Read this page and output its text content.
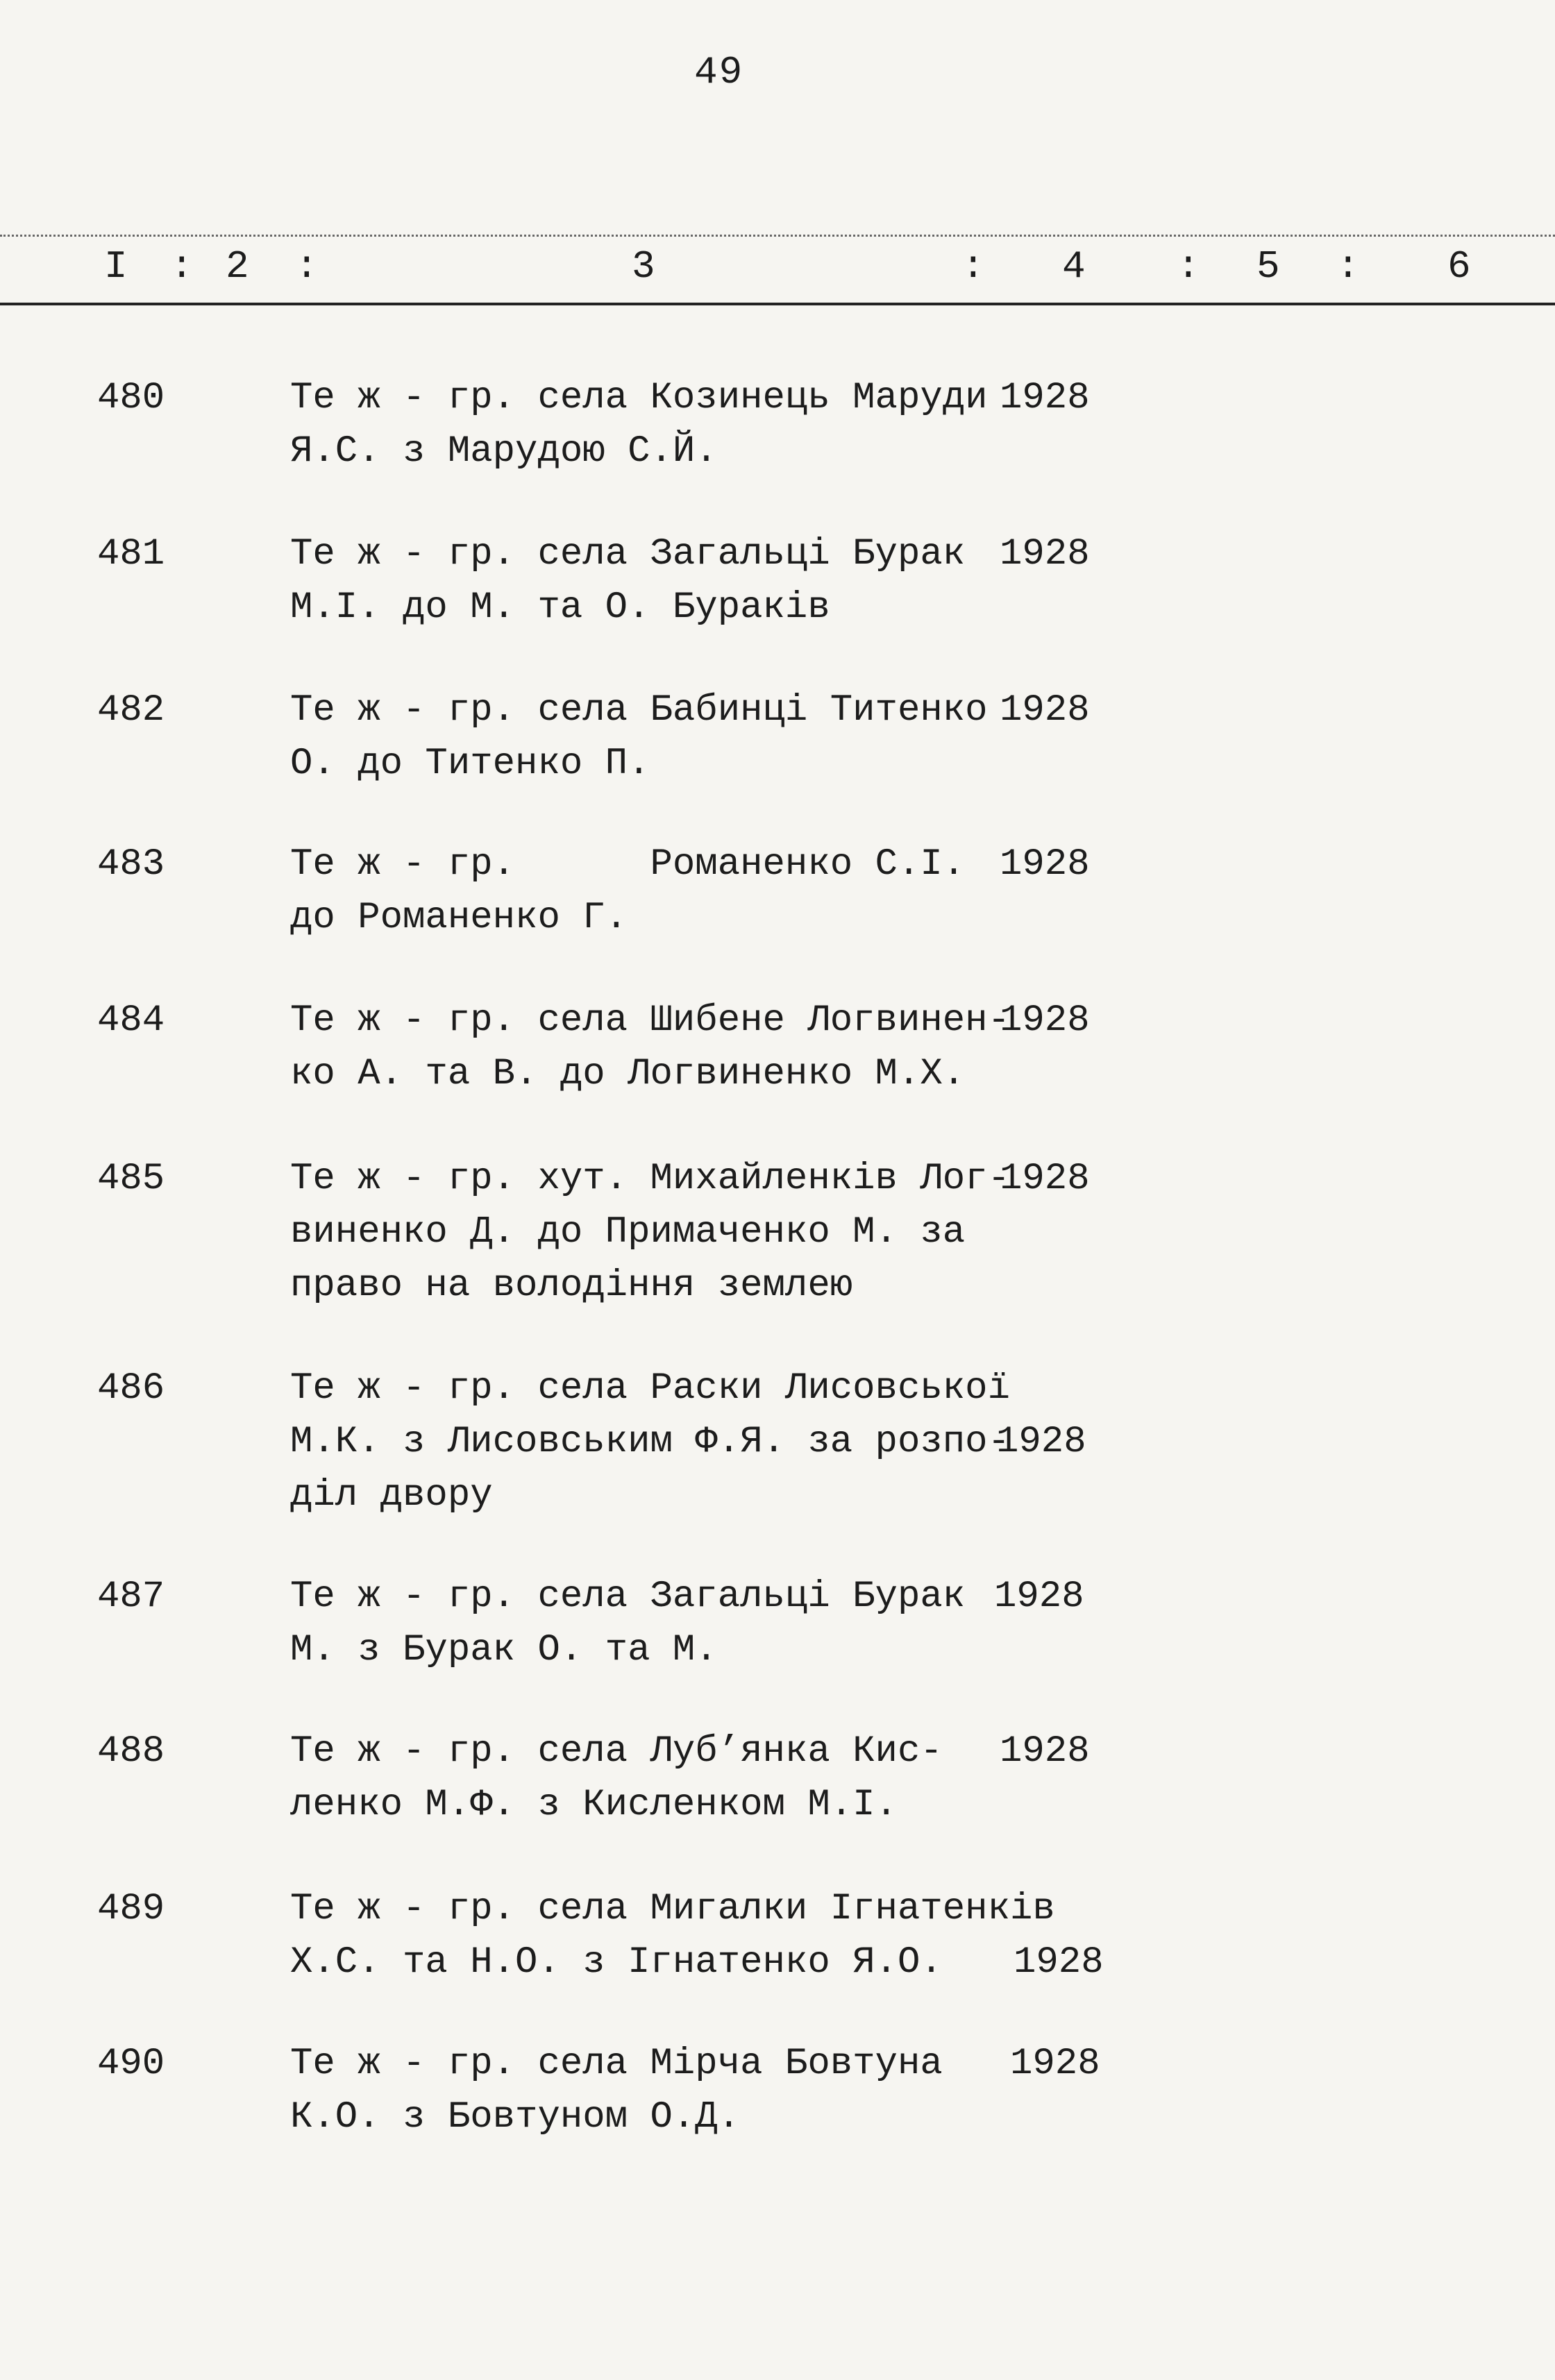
49
I : 2 :	3	: 4 : 5 : 6
480	Те ж - гр. села Козинець Маруди
Я.С. з Марудою С.Й.
1928
481	Те ж - гр. села Загальці Бурак
М.І. до М. та О. Бураків
1928
482	Те ж - гр. села Бабинці Титенко
О. до Титенко П.
1928
483	Те ж - гр.      Романенко С.І.
до Романенко Г.
1928
484	Те ж - гр. села Шибене Логвинен-
ко А. та В. до Логвиненко М.Х.
1928
485	Те ж - гр. хут. Михайленків Лог-
виненко Д. до Примаченко М. за
право на володіння землею
1928
486	Те ж - гр. села Раски Лисовської
М.К. з Лисовським Ф.Я. за розпо-
діл двору
1928
487	Те ж - гр. села Загальці Бурак
М. з Бурак О. та М.
1928
488	Те ж - гр. села Луб’янка Кис-
ленко М.Ф. з Кисленком М.І.
1928
489	Те ж - гр. села Мигалки Ігнатенків
Х.С. та Н.О. з Ігнатенко Я.О.	1928
490	Те ж - гр. села Мірча Бовтуна
К.О. з Бовтуном О.Д.
1928
